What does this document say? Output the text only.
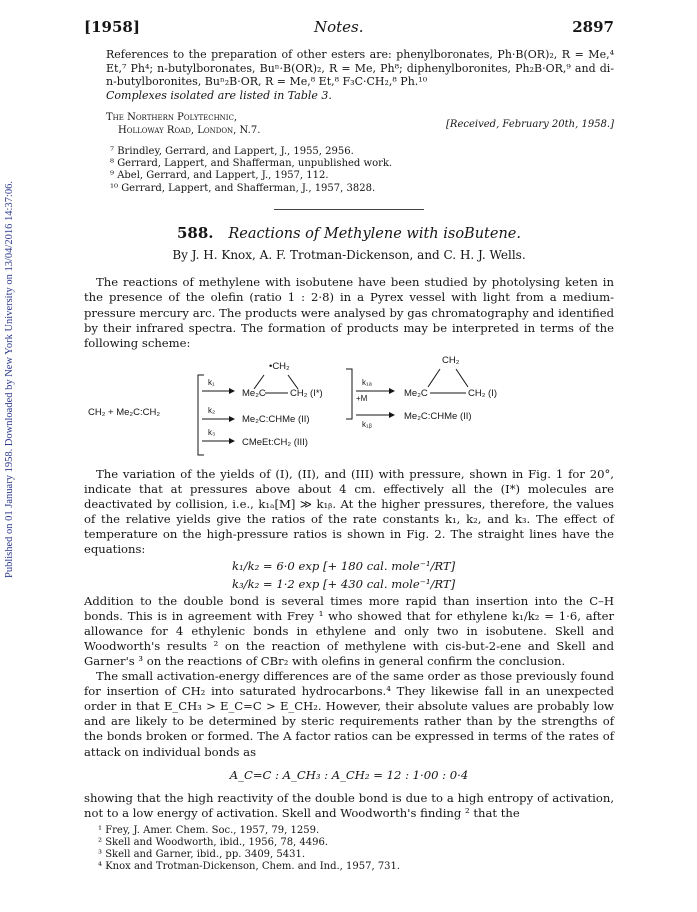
Published on 01 January 1958. Downloaded by New York University on 13/04/2016 14:37:06.
[1958]	Notes.	2897

References to the preparation of other esters are: phenylboronates, Ph·B(OR)₂, R = Me,⁴ Et,⁷ Ph⁴; n-butylboronates, Buⁿ·B(OR)₂, R = Me, Ph⁸; diphenylboronites, Ph₂B·OR,⁹ and di-n-butylboronites, Buⁿ₂B·OR, R = Me,⁸ Et,⁸ F₃C·CH₂,⁸ Ph.¹⁰

Complexes isolated are listed in Table 3.

The Northern Polytechnic,
Holloway Road, London, N.7.
[Received, February 20th, 1958.]
⁷ Brindley, Gerrard, and Lappert, J., 1955, 2956.
⁸ Gerrard, Lappert, and Shafferman, unpublished work.
⁹ Abel, Gerrard, and Lappert, J., 1957, 112.
¹⁰ Gerrard, Lappert, and Shafferman, J., 1957, 3828.
588. Reactions of Methylene with isoButene.
By J. H. Knox, A. F. Trotman-Dickenson, and C. H. J. Wells.

The reactions of methylene with isobutene have been studied by photolysing keten in the presence of the olefin (ratio 1 : 2·8) in a Pyrex vessel with light from a medium-pressure mercury arc. The products were analysed by gas chromatography and identified by their infrared spectra. The formation of products may be interpreted in terms of the following scheme:

CH₂ + Me₂C:CH₂
k₁
k₂
k₃
•CH₂
Me₂C	CH₂ (I*)
Me₂C:CHMe (II)
CMeEt:CH₂ (III)
+M
k₁ₐ
k₁ᵦ
CH₂
Me₂C	CH₂ (I)
Me₂C:CHMe (II)

The variation of the yields of (I), (II), and (III) with pressure, shown in Fig. 1 for 20°, indicate that at pressures above about 4 cm. effectively all the (I*) molecules are deactivated by collision, i.e., k₁ₐ[M] ≫ k₁ᵦ. At the higher pressures, therefore, the values of the relative yields give the ratios of the rate constants k₁, k₂, and k₃. The effect of temperature on the high-pressure ratios is shown in Fig. 2. The straight lines have the equations:

k₁/k₂ = 6·0 exp [+ 180 cal. mole⁻¹/RT]
k₃/k₂ = 1·2 exp [+ 430 cal. mole⁻¹/RT]

Addition to the double bond is several times more rapid than insertion into the C–H bonds. This is in agreement with Frey ¹ who showed that for ethylene k₁/k₂ = 1·6, after allowance for 4 ethylenic bonds in ethylene and only two in isobutene. Skell and Woodworth's results ² on the reaction of methylene with cis-but-2-ene and Skell and Garner's ³ on the reactions of CBr₂ with olefins in general confirm the conclusion.

The small activation-energy differences are of the same order as those previously found for insertion of CH₂ into saturated hydrocarbons.⁴ They likewise fall in an unexpected order in that E_CH₃ > E_C=C > E_CH₂. However, their absolute values are probably low and are likely to be determined by steric requirements rather than by the strengths of the bonds broken or formed. The A factor ratios can be expressed in terms of the rates of attack on individual bonds as

A_C=C : A_CH₃ : A_CH₂ = 12 : 1·00 : 0·4

showing that the high reactivity of the double bond is due to a high entropy of activation, not to a low energy of activation. Skell and Woodworth's finding ² that the

¹ Frey, J. Amer. Chem. Soc., 1957, 79, 1259.
² Skell and Woodworth, ibid., 1956, 78, 4496.
³ Skell and Garner, ibid., pp. 3409, 5431.
⁴ Knox and Trotman-Dickenson, Chem. and Ind., 1957, 731.
